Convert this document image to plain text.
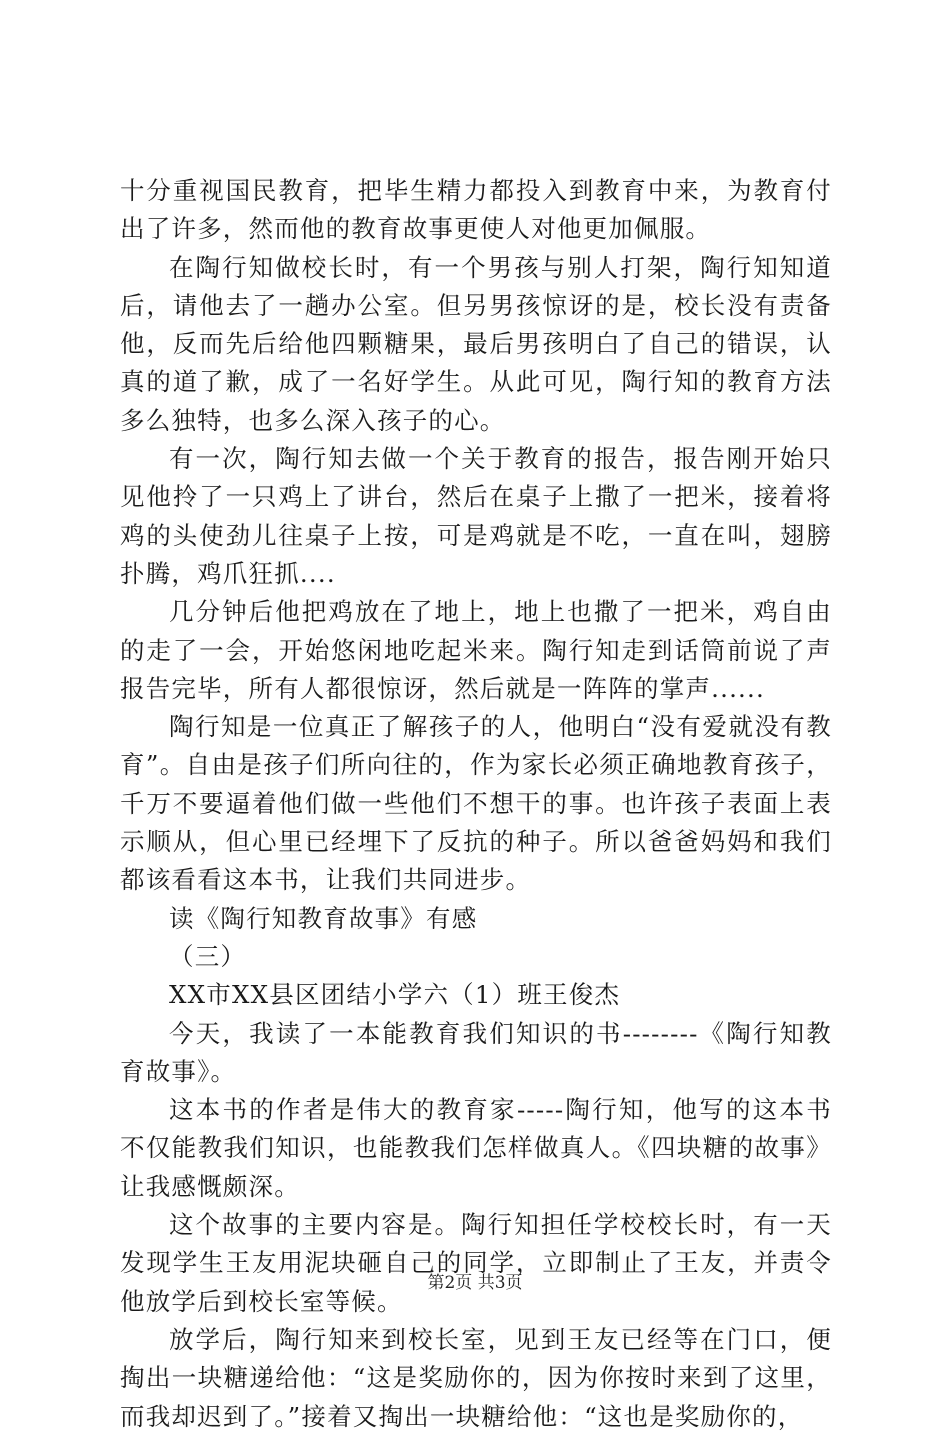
十分重视国民教育，把毕生精力都投入到教育中来，为教育付出了许多，然而他的教育故事更使人对他更加佩服。

在陶行知做校长时，有一个男孩与别人打架，陶行知知道后，请他去了一趟办公室。但另男孩惊讶的是，校长没有责备他，反而先后给他四颗糖果，最后男孩明白了自己的错误，认真的道了歉，成了一名好学生。从此可见，陶行知的教育方法多么独特，也多么深入孩子的心。

有一次，陶行知去做一个关于教育的报告，报告刚开始只见他拎了一只鸡上了讲台，然后在桌子上撒了一把米，接着将鸡的头使劲儿往桌子上按，可是鸡就是不吃，一直在叫，翅膀扑腾，鸡爪狂抓....

几分钟后他把鸡放在了地上，地上也撒了一把米，鸡自由的走了一会，开始悠闲地吃起米来。陶行知走到话筒前说了声报告完毕，所有人都很惊讶，然后就是一阵阵的掌声......

陶行知是一位真正了解孩子的人，他明白“没有爱就没有教育”。自由是孩子们所向往的，作为家长必须正确地教育孩子，千万不要逼着他们做一些他们不想干的事。也许孩子表面上表示顺从，但心里已经埋下了反抗的种子。所以爸爸妈妈和我们都该看看这本书，让我们共同进步。

读《陶行知教育故事》有感

（三）

XX市XX县区团结小学六（1）班王俊杰

今天，我读了一本能教育我们知识的书--------《陶行知教育故事》。

这本书的作者是伟大的教育家-----陶行知，他写的这本书不仅能教我们知识，也能教我们怎样做真人。《四块糖的故事》让我感慨颇深。

这个故事的主要内容是。陶行知担任学校校长时，有一天发现学生王友用泥块砸自己的同学，立即制止了王友，并责令他放学后到校长室等候。

放学后，陶行知来到校长室，见到王友已经等在门口，便掏出一块糖递给他：“这是奖励你的，因为你按时来到了这里，而我却迟到了。”接着又掏出一块糖给他：“这也是奖励你的，

第2页 共3页
